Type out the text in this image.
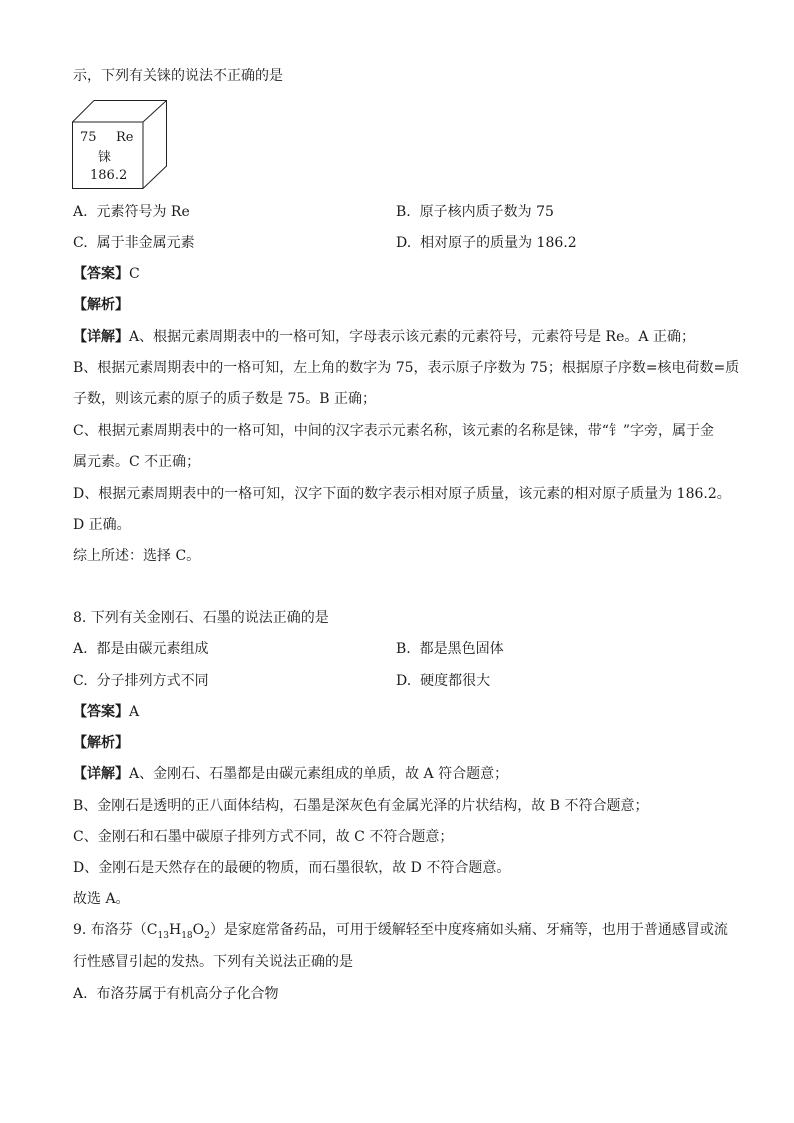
示，下列有关铼的说法不正确的是
75 Re
铼
186.2
A. 元素符号为 Re	B. 原子核内质子数为 75
C. 属于非金属元素	D. 相对原子的质量为 186.2
【答案】C
【解析】
【详解】A、根据元素周期表中的一格可知，字母表示该元素的元素符号，元素符号是 Re。A 正确；
B、根据元素周期表中的一格可知，左上角的数字为 75，表示原子序数为 75；根据原子序数=核电荷数=质
子数，则该元素的原子的质子数是 75。B 正确；
C、根据元素周期表中的一格可知，中间的汉字表示元素名称，该元素的名称是铼，带“钅”字旁，属于金
属元素。C 不正确；
D、根据元素周期表中的一格可知，汉字下面的数字表示相对原子质量，该元素的相对原子质量为 186.2。
D 正确。
综上所述：选择 C。
8. 下列有关金刚石、石墨的说法正确的是
A. 都是由碳元素组成	B. 都是黑色固体
C. 分子排列方式不同	D. 硬度都很大
【答案】A
【解析】
【详解】A、金刚石、石墨都是由碳元素组成的单质，故 A 符合题意；
B、金刚石是透明的正八面体结构，石墨是深灰色有金属光泽的片状结构，故 B 不符合题意；
C、金刚石和石墨中碳原子排列方式不同，故 C 不符合题意；
D、金刚石是天然存在的最硬的物质，而石墨很软，故 D 不符合题意。
故选 A。
9. 布洛芬$(C_{13}H_{18}O_2)$是家庭常备药品，可用于缓解轻至中度疼痛如头痛、牙痛等，也用于普通感冒或流
行性感冒引起的发热。下列有关说法正确的是
A. 布洛芬属于有机高分子化合物
